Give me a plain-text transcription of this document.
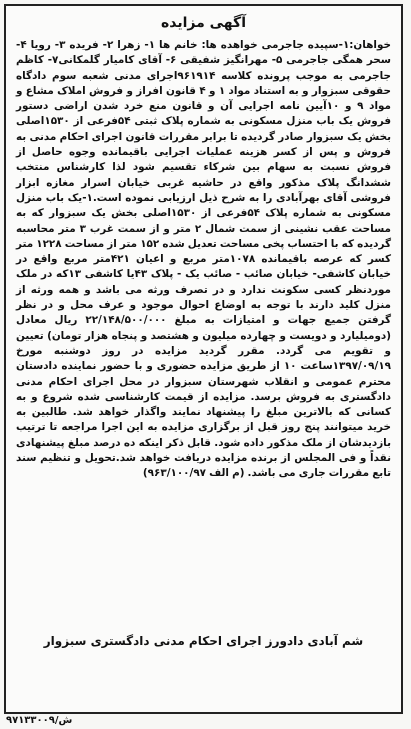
آگهی مزایده
خواهان:۱-سپیده جاجرمی خواهده ها: خانم ها ۱- زهرا ۲- فریده ۳- رویا ۴- سحر همگی جاجرمی ۵- مهرانگیز شفیقی ۶- آقای کامیار گلمکانی۷- کاظم جاجرمی به موجب پرونده کلاسه ۹۶۱۹۱۴اجرای مدنی شعبه سوم دادگاه حقوقی سبزوار و به استناد مواد ۱ و ۴ قانون افراز و فروش املاک مشاع و مواد ۹ و ۱۰آیین نامه اجرایی آن و قانون منع خرد شدن اراضی دستور فروش یک باب منزل مسکونی به شماره پلاک ثبتی ۵۴فرعی از ۱۵۳۰اصلی بخش یک سبزوار صادر گردیده تا برابر مقررات قانون اجرای احکام مدنی به فروش و پس از کسر هزینه عملیات اجرایی باقیمانده وجوه حاصل از فروش نسبت به سهام بین شرکاء تقسیم شود لذا کارشناس منتخب ششدانگ پلاک مذکور واقع در حاشیه غربی خیابان اسرار مغازه ابزار فروشی آقای بهرآبادی را به شرح ذیل ارزیابی نموده است.۱-یک باب منزل مسکونی به شماره پلاک ۵۴فرعی از ۱۵۳۰اصلی بخش یک سبزوار که به مساحت عقب نشینی از سمت شمال ۲ متر و از سمت غرب ۳ متر محاسبه گردیده که با احتساب پخی مساحت تعدیل شده ۱۵۲ متر از مساحت ۱۲۲۸ متر کسر که عرصه باقیمانده ۱۰۷۸متر مربع و اعیان ۴۲۱متر مربع واقع در خیابان کاشفی- خیابان صائب - صائب یک - پلاک ۴۳یا کاشفی ۱۳که در ملک موردنظر کسی سکونت ندارد و در تصرف ورثه می باشد و همه ورثه از منزل کلید دارند با توجه به اوضاع احوال موجود و عرف محل و در نظر گرفتن جمیع جهات و امتیازات به مبلغ ۲۲/۱۴۸/۵۰۰/۰۰۰ ریال معادل (دومیلیارد و دویست و چهارده میلیون و هشتصد و پنجاه هزار تومان) تعیین و تقویم می گردد. مقرر گردید مزایده در روز دوشنبه مورخ ۱۳۹۷/۰۹/۱۹ساعت ۱۰ از طریق مزایده حضوری و با حضور نماینده دادستان محترم عمومی و انقلاب شهرستان سبزوار در محل اجرای احکام مدنی دادگستری به فروش برسد. مزایده از قیمت کارشناسی شده شروع و به کسانی که بالاترین مبلغ را پیشنهاد نمایند واگذار خواهد شد. طالبین به خرید میتوانند پنج روز قبل از برگزاری مزایده به این اجرا مراجعه تا ترتیب بازدیدشان از ملک مذکور داده شود. قابل ذکر اینکه ده درصد مبلغ پیشنهادی نقداً و فی المجلس از برنده مزایده دریافت خواهد شد.تحویل و تنظیم سند تابع مقررات جاری می باشد. (م الف ۹۶۳/۱۰۰/۹۷)
شم آبادی دادورز اجرای احکام مدنی دادگستری سبزوار
۹۷۱۳۳۰۰۹/ش
